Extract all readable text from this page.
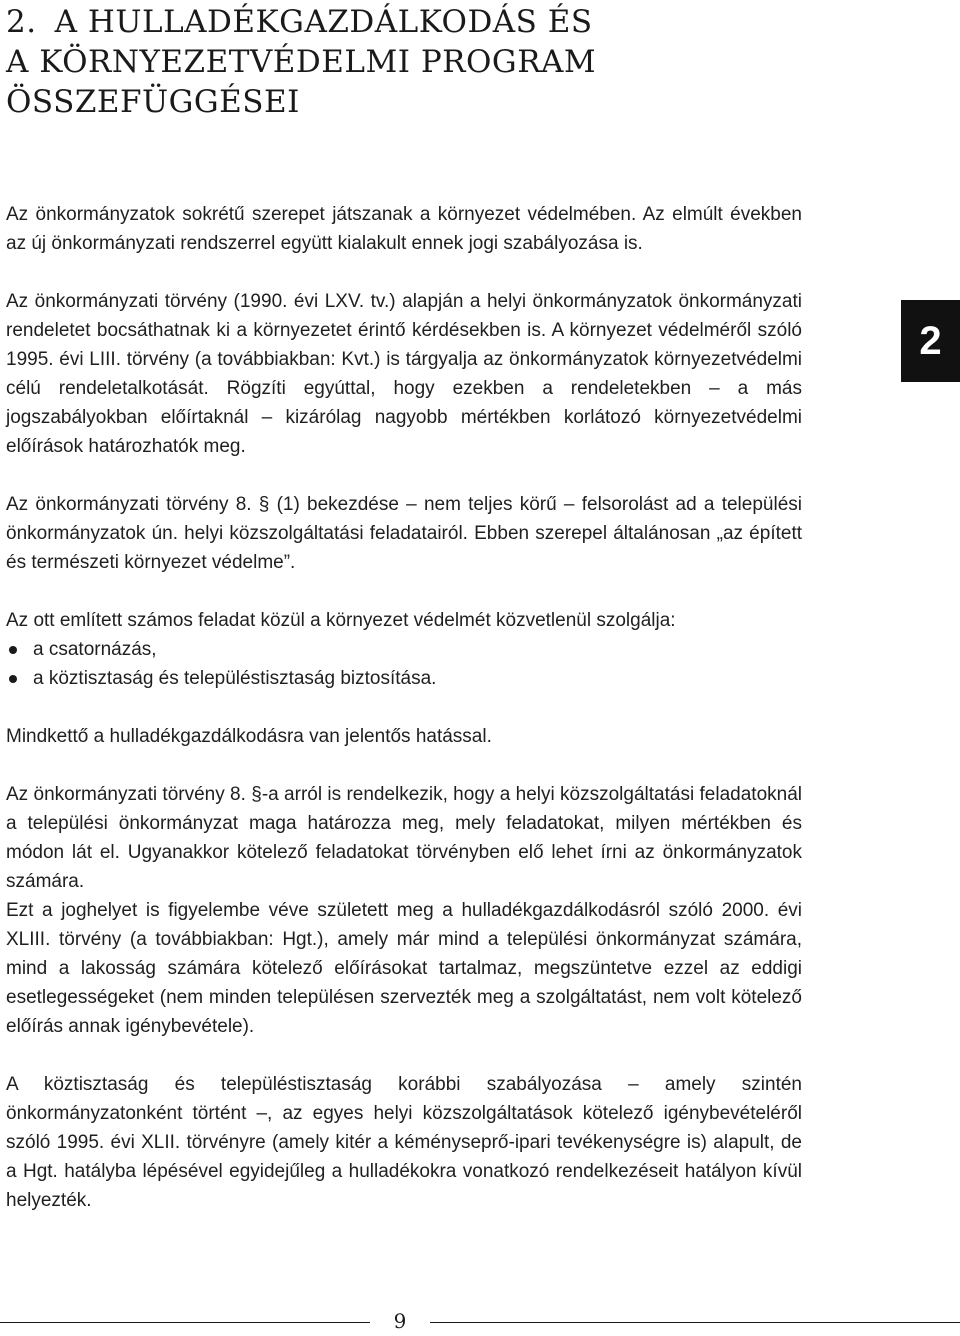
2. A HULLADÉKGAZDÁLKODÁS ÉS
A KÖRNYEZETVÉDELMI PROGRAM
ÖSSZEFÜGGÉSEI
2

Az önkormányzatok sokrétű szerepet játszanak a környezet védelmében. Az elmúlt években az új önkormányzati rendszerrel együtt kialakult ennek jogi szabályozása is.

Az önkormányzati törvény (1990. évi LXV. tv.) alapján a helyi önkormányzatok önkormányzati rendeletet bocsáthatnak ki a környezetet érintő kérdésekben is. A környezet védelméről szóló 1995. évi LIII. törvény (a továbbiakban: Kvt.) is tárgyalja az önkormányzatok környezetvédelmi célú rendeletalkotását. Rögzíti egyúttal, hogy ezekben a rendeletekben – a más jogszabályokban előírtaknál – kizárólag nagyobb mértékben korlátozó környezetvédelmi előírások határozhatók meg.

Az önkormányzati törvény 8. § (1) bekezdése – nem teljes körű – felsorolást ad a települési önkormányzatok ún. helyi közszolgáltatási feladatairól. Ebben szerepel általánosan „az épített és természeti környezet védelme”.

Az ott említett számos feladat közül a környezet védelmét közvetlenül szolgálja:

a csatornázás,
a köztisztaság és településtisztaság biztosítása.

Mindkettő a hulladékgazdálkodásra van jelentős hatással.

Az önkormányzati törvény 8. §-a arról is rendelkezik, hogy a helyi közszolgáltatási feladatoknál a települési önkormányzat maga határozza meg, mely feladatokat, milyen mértékben és módon lát el. Ugyanakkor kötelező feladatokat törvényben elő lehet írni az önkormányzatok számára.

Ezt a joghelyet is figyelembe véve született meg a hulladékgazdálkodásról szóló 2000. évi XLIII. törvény (a továbbiakban: Hgt.), amely már mind a települési önkormányzat számára, mind a lakosság számára kötelező előírásokat tartalmaz, megszüntetve ezzel az eddigi esetlegességeket (nem minden településen szervezték meg a szolgáltatást, nem volt kötelező előírás annak igénybevétele).

A köztisztaság és településtisztaság korábbi szabályozása – amely szintén önkormányzatonként történt –, az egyes helyi közszolgáltatások kötelező igénybevételéről szóló 1995. évi XLII. törvényre (amely kitér a kéményseprő-ipari tevékenységre is) alapult, de a Hgt. hatályba lépésével egyidejűleg a hulladékokra vonatkozó rendelkezéseit hatályon kívül helyezték.

9
